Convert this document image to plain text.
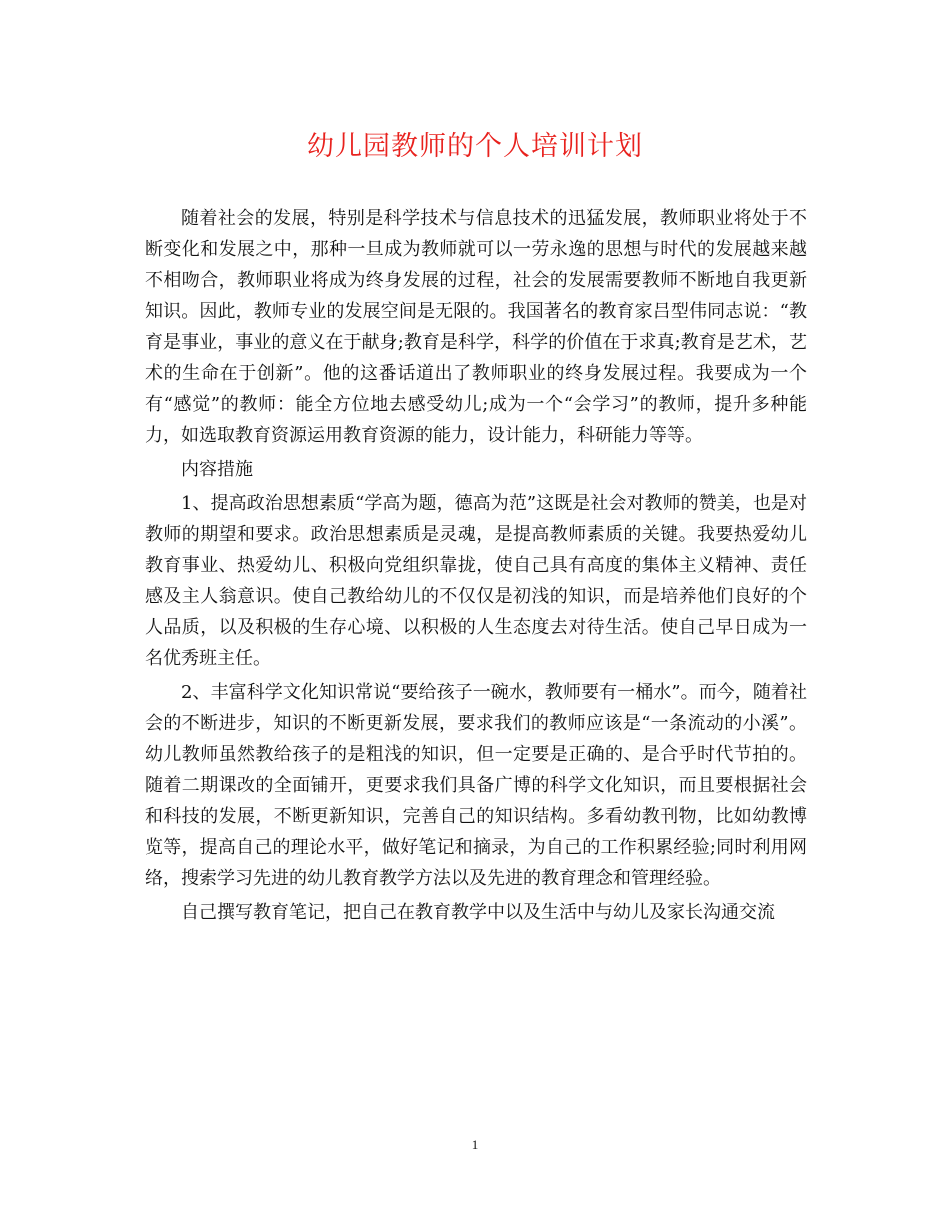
幼儿园教师的个人培训计划

随着社会的发展，特别是科学技术与信息技术的迅猛发展，教师职业将处于不断变化和发展之中，那种一旦成为教师就可以一劳永逸的思想与时代的发展越来越不相吻合，教师职业将成为终身发展的过程，社会的发展需要教师不断地自我更新知识。因此，教师专业的发展空间是无限的。我国著名的教育家吕型伟同志说：“教育是事业，事业的意义在于献身;教育是科学，科学的价值在于求真;教育是艺术，艺术的生命在于创新”。他的这番话道出了教师职业的终身发展过程。我要成为一个有“感觉”的教师：能全方位地去感受幼儿;成为一个“会学习”的教师，提升多种能力，如选取教育资源运用教育资源的能力，设计能力，科研能力等等。

内容措施

1、提高政治思想素质“学高为题，德高为范”这既是社会对教师的赞美，也是对教师的期望和要求。政治思想素质是灵魂，是提高教师素质的关键。我要热爱幼儿教育事业、热爱幼儿、积极向党组织靠拢，使自己具有高度的集体主义精神、责任感及主人翁意识。使自己教给幼儿的不仅仅是初浅的知识，而是培养他们良好的个人品质，以及积极的生存心境、以积极的人生态度去对待生活。使自己早日成为一名优秀班主任。

2、丰富科学文化知识常说“要给孩子一碗水，教师要有一桶水”。而今，随着社会的不断进步，知识的不断更新发展，要求我们的教师应该是“一条流动的小溪”。幼儿教师虽然教给孩子的是粗浅的知识，但一定要是正确的、是合乎时代节拍的。随着二期课改的全面铺开，更要求我们具备广博的科学文化知识，而且要根据社会和科技的发展，不断更新知识，完善自己的知识结构。多看幼教刊物，比如幼教博览等，提高自己的理论水平，做好笔记和摘录，为自己的工作积累经验;同时利用网络，搜索学习先进的幼儿教育教学方法以及先进的教育理念和管理经验。

自己撰写教育笔记，把自己在教育教学中以及生活中与幼儿及家长沟通交流

1
